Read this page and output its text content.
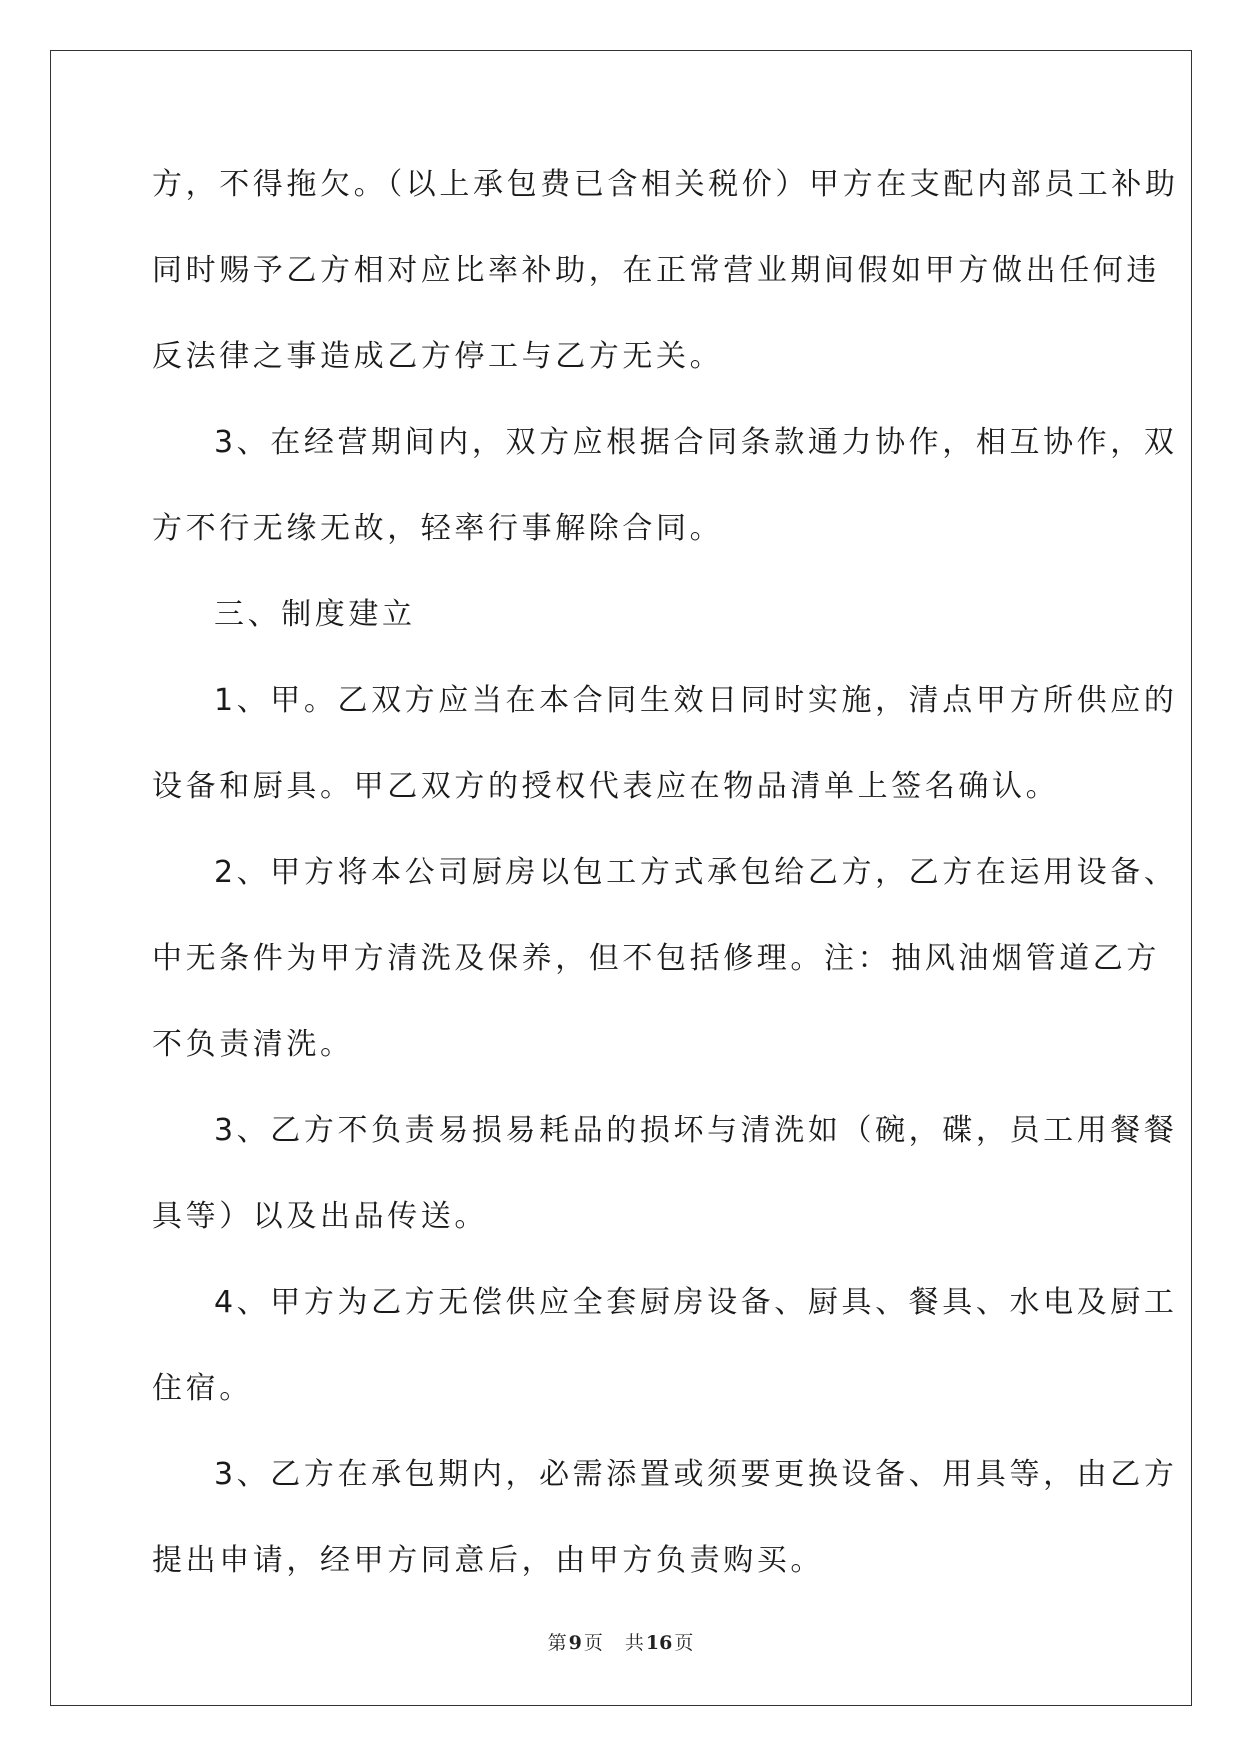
方，不得拖欠。（以上承包费已含相关税价）甲方在支配内部员工补助
同时赐予乙方相对应比率补助，在正常营业期间假如甲方做出任何违
反法律之事造成乙方停工与乙方无关。
3、在经营期间内，双方应根据合同条款通力协作，相互协作，双
方不行无缘无故，轻率行事解除合同。
三、制度建立
1、甲。乙双方应当在本合同生效日同时实施，清点甲方所供应的
设备和厨具。甲乙双方的授权代表应在物品清单上签名确认。
2、甲方将本公司厨房以包工方式承包给乙方，乙方在运用设备、
中无条件为甲方清洗及保养，但不包括修理。注：抽风油烟管道乙方
不负责清洗。
3、乙方不负责易损易耗品的损坏与清洗如（碗，碟，员工用餐餐
具等）以及出品传送。
4、甲方为乙方无偿供应全套厨房设备、厨具、餐具、水电及厨工
住宿。
3、乙方在承包期内，必需添置或须要更换设备、用具等，由乙方
提出申请，经甲方同意后，由甲方负责购买。
第 9 页 共 16 页
